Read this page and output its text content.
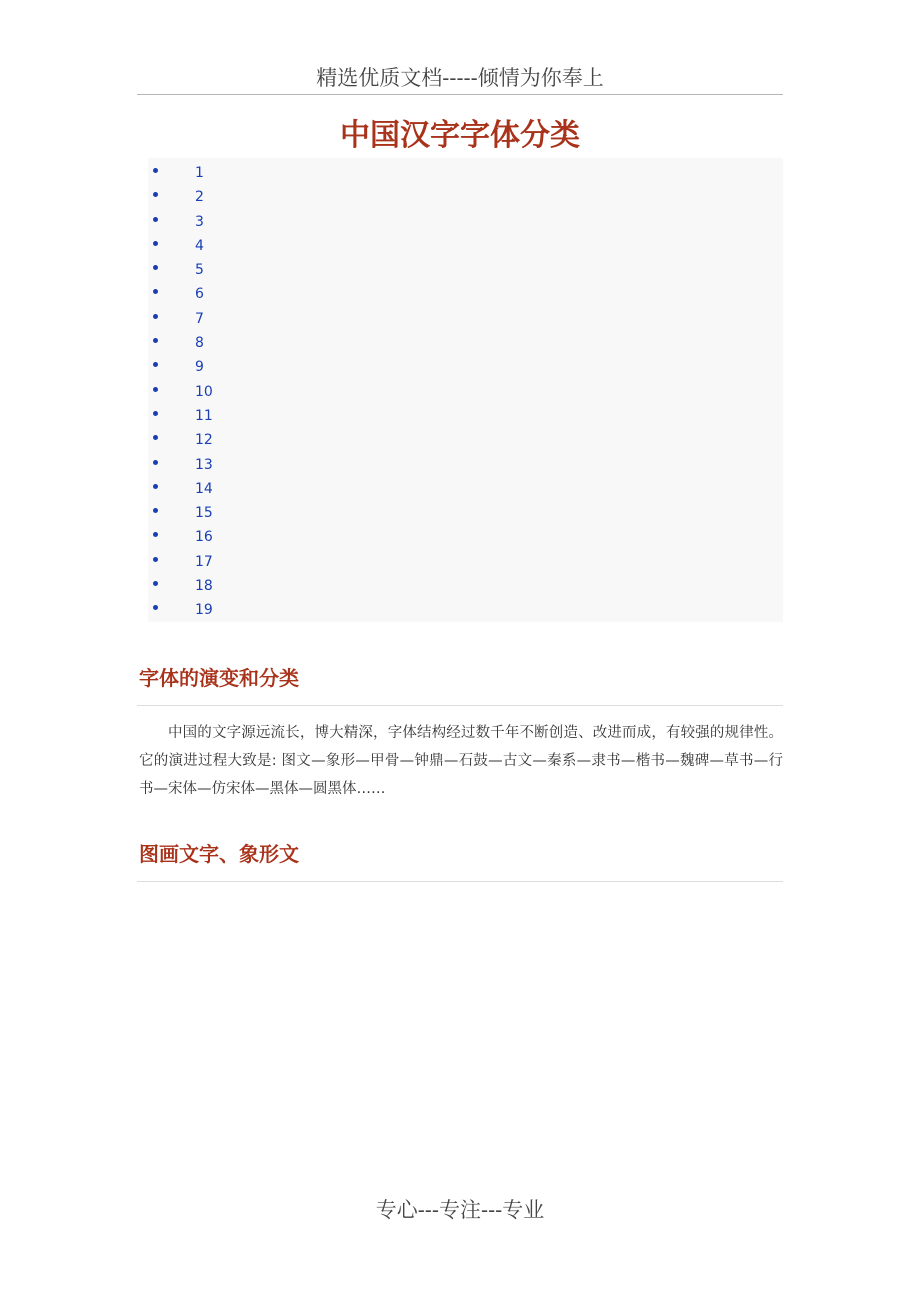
精选优质文档-----倾情为你奉上
中国汉字字体分类
1
2
3
4
5
6
7
8
9
10
11
12
13
14
15
16
17
18
19
字体的演变和分类

中国的文字源远流长，博大精深，字体结构经过数千年不断创造、改进而成，有较强的规律性。它的演进过程大致是: 图文—象形—甲骨—钟鼎—石鼓—古文—秦系—隶书—楷书—魏碑—草书—行书—宋体—仿宋体—黑体—圆黑体……

图画文字、象形文
专心---专注---专业
